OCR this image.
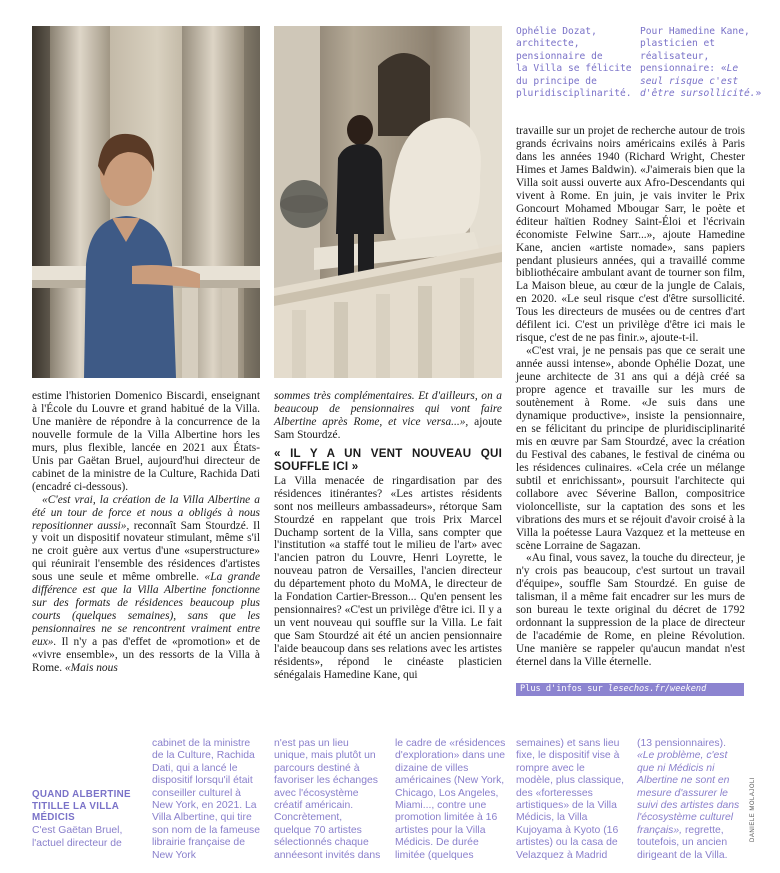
Ophélie Dozat,
architecte,
pensionnaire de
la Villa se félicite
du principe de
pluridisciplinarité.
Pour Hamedine Kane,
plasticien et
réalisateur,
pensionnaire: «Le
seul risque c'est
d'être sursollicité.»

travaille sur un projet de recherche autour de trois grands écrivains noirs américains exilés à Paris dans les années 1940 (Richard Wright, Chester Himes et James Baldwin). «J'aimerais bien que la Villa soit aussi ouverte aux Afro-Descendants qui vivent à Rome. En juin, je vais inviter le Prix Goncourt Mohamed Mbougar Sarr, le poète et éditeur haïtien Rodney Saint-Éloi et l'écrivain économiste Felwine Sarr...», ajoute Hamedine Kane, ancien «artiste nomade», sans papiers pendant plusieurs années, qui a travaillé comme bibliothécaire ambulant avant de tourner son film, La Maison bleue, au cœur de la jungle de Calais, en 2020. «Le seul risque c'est d'être sursollicité. Tous les directeurs de musées ou de centres d'art défilent ici. C'est un privilège d'être ici mais le risque, c'est de ne pas finir.», ajoute-t-il.

«C'est vrai, je ne pensais pas que ce serait une année aussi intense», abonde Ophélie Dozat, une jeune architecte de 31 ans qui a déjà créé sa propre agence et travaille sur les murs de soutènement à Rome. «Je suis dans une dynamique productive», insiste la pensionnaire, en se félicitant du principe de pluridisciplinarité mis en œuvre par Sam Stourdzé, avec la création du Festival des cabanes, le festival de cinéma ou les résidences culinaires. «Cela crée un mélange subtil et enrichissant», poursuit l'architecte qui collabore avec Séverine Ballon, compositrice violoncelliste, sur la captation des sons et les vibrations des murs et se réjouit d'avoir croisé à la Villa la poétesse Laura Vazquez et la metteuse en scène Lorraine de Sagazan.

«Au final, vous savez, la touche du directeur, je n'y crois pas beaucoup, c'est surtout un travail d'équipe», souffle Sam Stourdzé. En guise de talisman, il a même fait encadrer sur les murs de son bureau le texte original du décret de 1792 ordonnant la suppression de la place de directeur de l'académie de Rome, en pleine Révolution. Une manière se rappeler qu'aucun mandat n'est éternel dans la Ville éternelle.

estime l'historien Domenico Biscardi, enseignant à l'École du Louvre et grand habitué de la Villa. Une manière de répondre à la concurrence de la nouvelle formule de la Villa Albertine hors les murs, plus flexible, lancée en 2021 aux États-Unis par Gaëtan Bruel, aujourd'hui directeur de cabinet de la ministre de la Culture, Rachida Dati (encadré ci-dessous).

«C'est vrai, la création de la Villa Albertine a été un tour de force et nous a obligés à nous repositionner aussi», reconnaît Sam Stourdzé. Il y voit un dispositif novateur stimulant, même s'il ne croit guère aux vertus d'une «superstructure» qui réunirait l'ensemble des résidences d'artistes sous une seule et même ombrelle. «La grande différence est que la Villa Albertine fonctionne sur des formats de résidences beaucoup plus courts (quelques semaines), sans que les pensionnaires ne se rencontrent vraiment entre eux». Il n'y a pas d'effet de «promotion» et de «vivre ensemble», un des ressorts de la Villa à Rome. «Mais nous

sommes très complémentaires. Et d'ailleurs, on a beaucoup de pensionnaires qui vont faire Albertine après Rome, et vice versa...», ajoute Sam Stourdzé.

« IL Y A UN VENT NOUVEAU QUI SOUFFLE ICI »

La Villa menacée de ringardisation par des résidences itinérantes? «Les artistes résidents sont nos meilleurs ambassadeurs», rétorque Sam Stourdzé en rappelant que trois Prix Marcel Duchamp sortent de la Villa, sans compter que l'institution «a staffé tout le milieu de l'art» avec l'ancien patron du Louvre, Henri Loyrette, le nouveau patron de Versailles, l'ancien directeur du département photo du MoMA, le directeur de la Fondation Cartier-Bresson... Qu'en pensent les pensionnaires? «C'est un privilège d'être ici. Il y a un vent nouveau qui souffle sur la Villa. Le fait que Sam Stourdzé ait été un ancien pensionnaire l'aide beaucoup dans ses relations avec les artistes résidents», répond le cinéaste plasticien sénégalais Hamedine Kane, qui

Plus d'infos sur lesechos.fr/weekend
QUAND ALBERTINE
TITILLE LA VILLA
MÉDICIS
C'est Gaëtan Bruel, l'actuel directeur de
cabinet de la ministre de la Culture, Rachida Dati, qui a lancé le dispositif lorsqu'il était conseiller culturel à New York, en 2021. La Villa Albertine, qui tire son nom de la fameuse librairie française de New York
n'est pas un lieu unique, mais plutôt un parcours destiné à favoriser les échanges avec l'écosystème créatif américain. Concrètement, quelque 70 artistes sélectionnés chaque annéesont invités dans
le cadre de «résidences d'exploration» dans une dizaine de villes américaines (New York, Chicago, Los Angeles, Miami..., contre une promotion limitée à 16 artistes pour la Villa Médicis. De durée limitée (quelques
semaines) et sans lieu fixe, le dispositif vise à rompre avec le modèle, plus classique, des «forteresses artistiques» de la Villa Médicis, la Villa Kujoyama à Kyoto (16 artistes) ou la casa de Velazquez à Madrid
(13 pensionnaires). «Le problème, c'est que ni Médicis ni Albertine ne sont en mesure d'assurer le suivi des artistes dans l'écosystème culturel français», regrette, toutefois, un ancien dirigeant de la Villa.
DANIELE MOLAJOLI
